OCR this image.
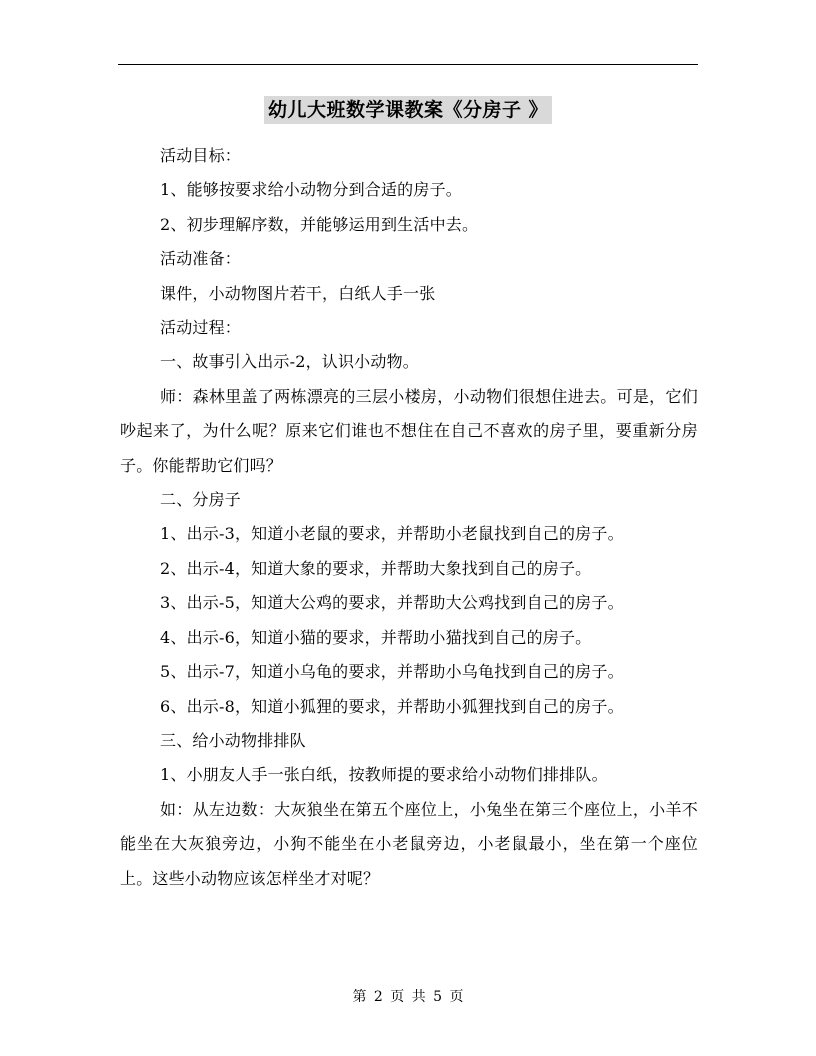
幼儿大班数学课教案《分房子 》

活动目标：

1、能够按要求给小动物分到合适的房子。

2、初步理解序数，并能够运用到生活中去。

活动准备：

课件，小动物图片若干，白纸人手一张

活动过程：

一、故事引入出示-2，认识小动物。

师：森林里盖了两栋漂亮的三层小楼房，小动物们很想住进去。可是，它们吵起来了，为什么呢？原来它们谁也不想住在自己不喜欢的房子里，要重新分房子。你能帮助它们吗？

二、分房子

1、出示-3，知道小老鼠的要求，并帮助小老鼠找到自己的房子。

2、出示-4，知道大象的要求，并帮助大象找到自己的房子。

3、出示-5，知道大公鸡的要求，并帮助大公鸡找到自己的房子。

4、出示-6，知道小猫的要求，并帮助小猫找到自己的房子。

5、出示-7，知道小乌龟的要求，并帮助小乌龟找到自己的房子。

6、出示-8，知道小狐狸的要求，并帮助小狐狸找到自己的房子。

三、给小动物排排队

1、小朋友人手一张白纸，按教师提的要求给小动物们排排队。

如：从左边数：大灰狼坐在第五个座位上，小兔坐在第三个座位上，小羊不能坐在大灰狼旁边，小狗不能坐在小老鼠旁边，小老鼠最小，坐在第一个座位上。这些小动物应该怎样坐才对呢？

第 2 页 共 5 页
